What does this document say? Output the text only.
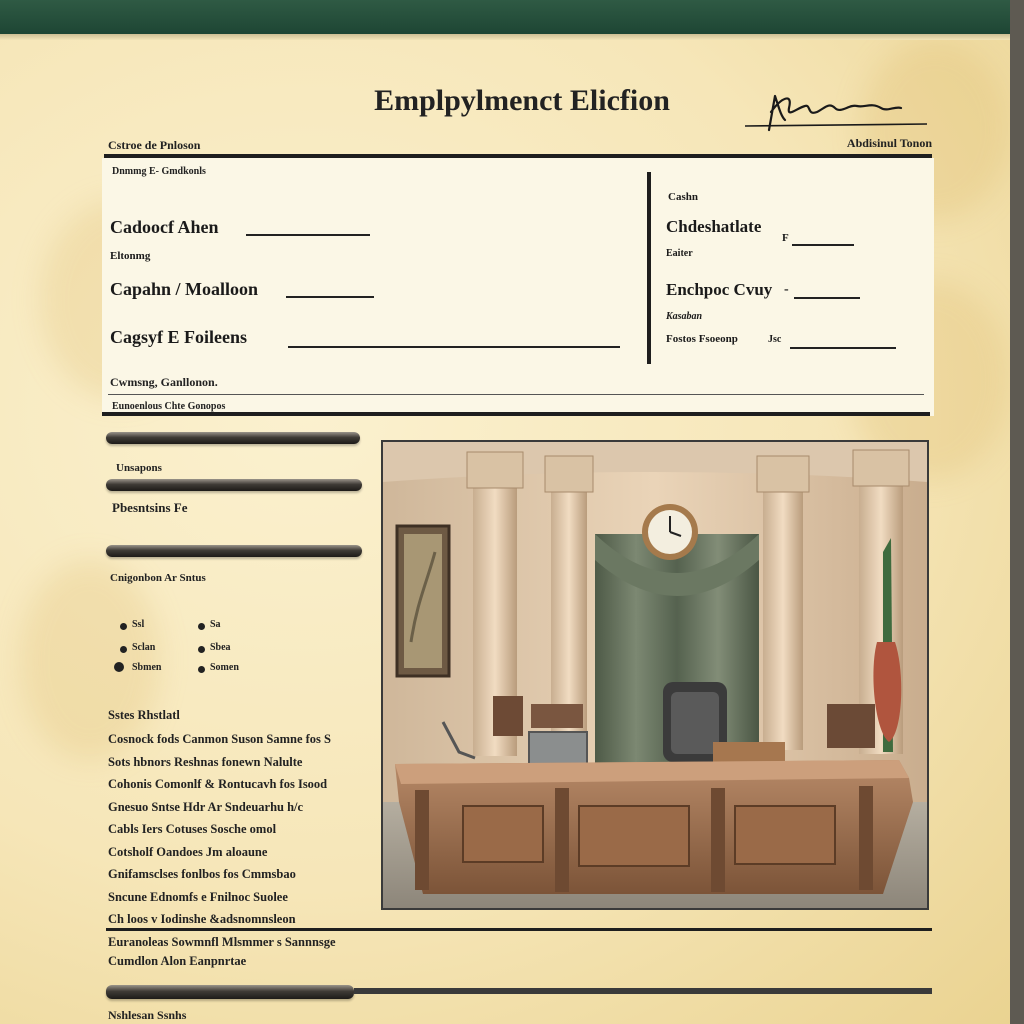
Emplpylmenct Elicfion
Abdisinul Tonon
Cstroe de Pnloson
Dnmmg E- Gmdkonls
Cadoocf Ahen
Eltonmg
Capahn / Moalloon
Cagsyf E Foileens
Cashn
Chdeshatlate
F
Eaiter
Enchpoc Cvuy -
Kasaban
Fostos Fsoeonp	Jsc
Cwmsng, Ganllonon.
Eunoenlous Chte Gonopos
Unsapons
Pbesntsins Fe
Cnigonbon Ar Sntus
Ssl	Sa
Sclan	Sbea
Sbmen	Somen
Sstes Rhstlatl
Cosnock fods Canmon Suson Samne fos S
Sots hbnors Reshnas fonewn Nalulte
Cohonis Comonlf & Rontucavh fos Isood
Gnesuo Sntse Hdr Ar Sndeuarhu h/c
Cabls Iers Cotuses Sosche omol
Cotsholf Oandoes Jm aloaune
Gnifamsclses fonlbos fos Cmmsbao
Sncune Ednomfs e Fnilnoc Suolee
Ch loos v Iodinshe &adsnomnsleon
Euranoleas Sowmnfl Mlsmmer s Sannnsge
Cumdlon Alon Eanpnrtae
Nshlesan Ssnhs
